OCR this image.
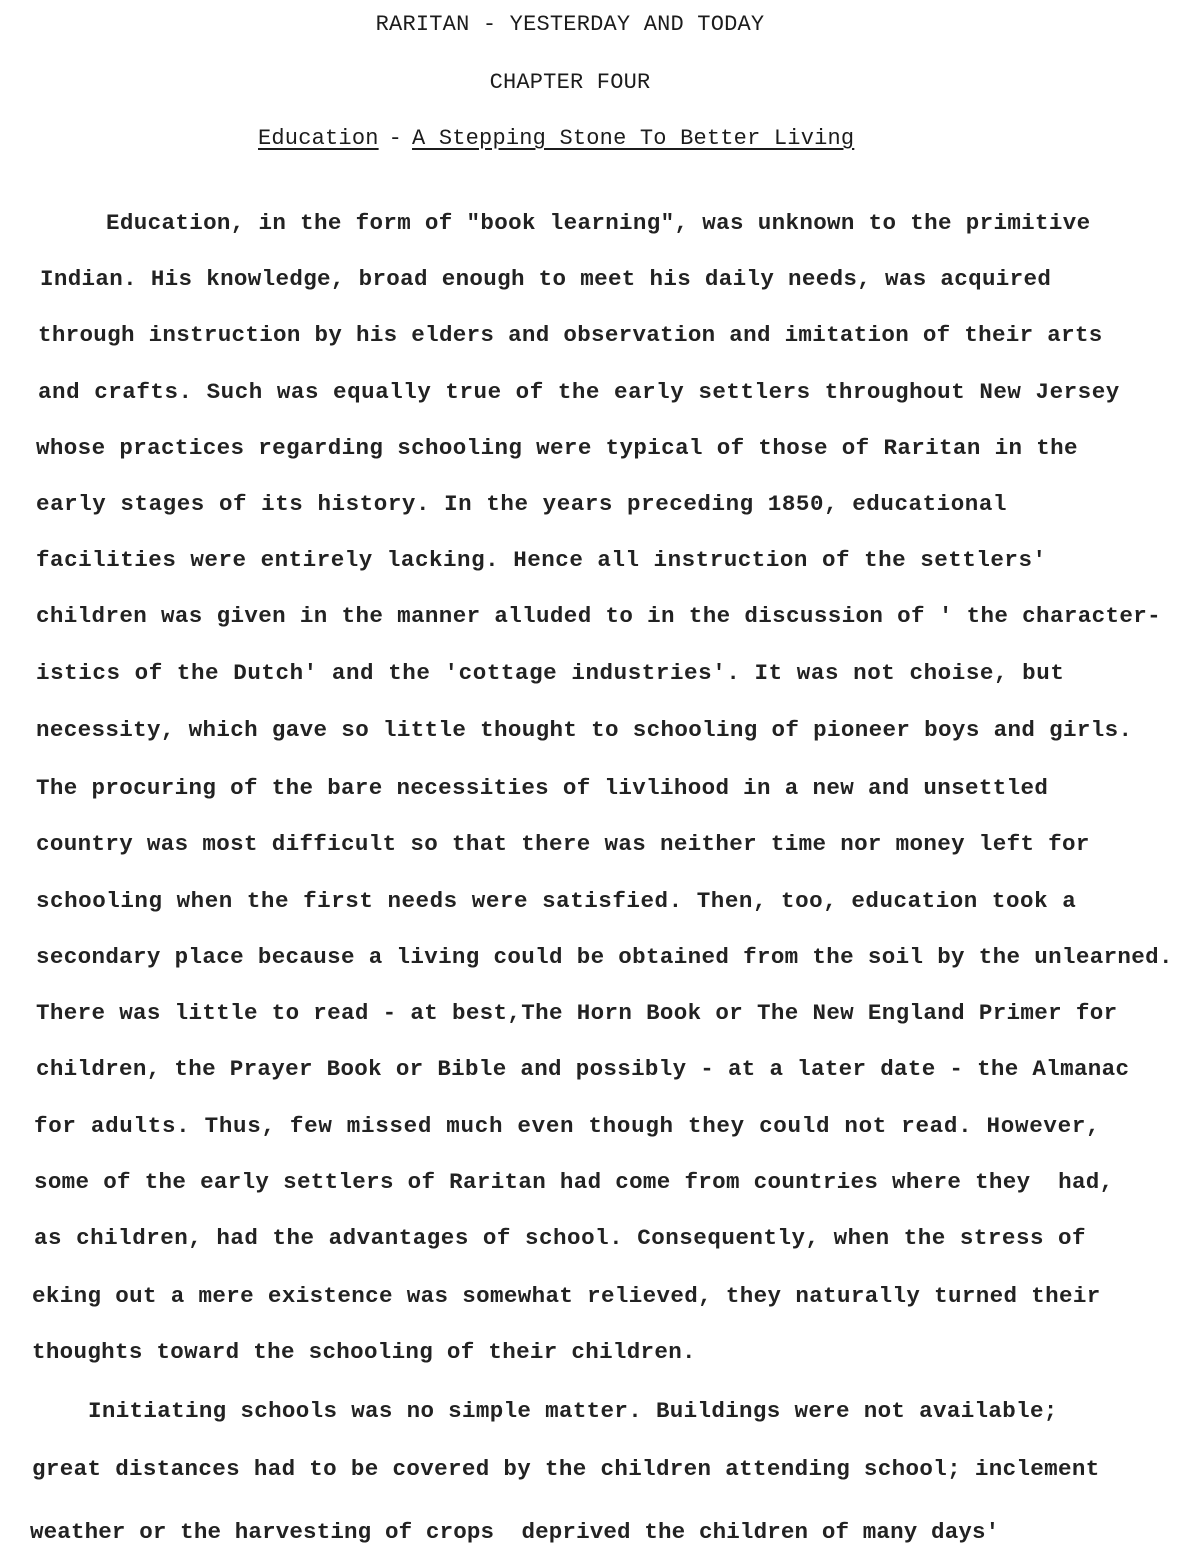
RARITAN - YESTERDAY AND TODAY
CHAPTER FOUR
Education - A Stepping Stone To Better Living
Education, in the form of "book learning", was unknown to the primitive
Indian. His knowledge, broad enough to meet his daily needs, was acquired
through instruction by his elders and observation and imitation of their arts
and crafts. Such was equally true of the early settlers throughout New Jersey
whose practices regarding schooling were typical of those of Raritan in the
early stages of its history. In the years preceding 1850, educational
facilities were entirely lacking. Hence all instruction of the settlers'
children was given in the manner alluded to in the discussion of ' the character-
istics of the Dutch' and the 'cottage industries'. It was not choise, but
necessity, which gave so little thought to schooling of pioneer boys and girls.
The procuring of the bare necessities of livlihood in a new and unsettled
country was most difficult so that there was neither time nor money left for
schooling when the first needs were satisfied. Then, too, education took a
secondary place because a living could be obtained from the soil by the unlearned.
There was little to read - at best,The Horn Book or The New England Primer for
children, the Prayer Book or Bible and possibly - at a later date - the Almanac
for adults. Thus, few missed much even though they could not read. However,
some of the early settlers of Raritan had come from countries where they  had,
as children, had the advantages of school. Consequently, when the stress of
eking out a mere existence was somewhat relieved, they naturally turned their
thoughts toward the schooling of their children.
Initiating schools was no simple matter. Buildings were not available;
great distances had to be covered by the children attending school; inclement
weather or the harvesting of crops  deprived the children of many days'
